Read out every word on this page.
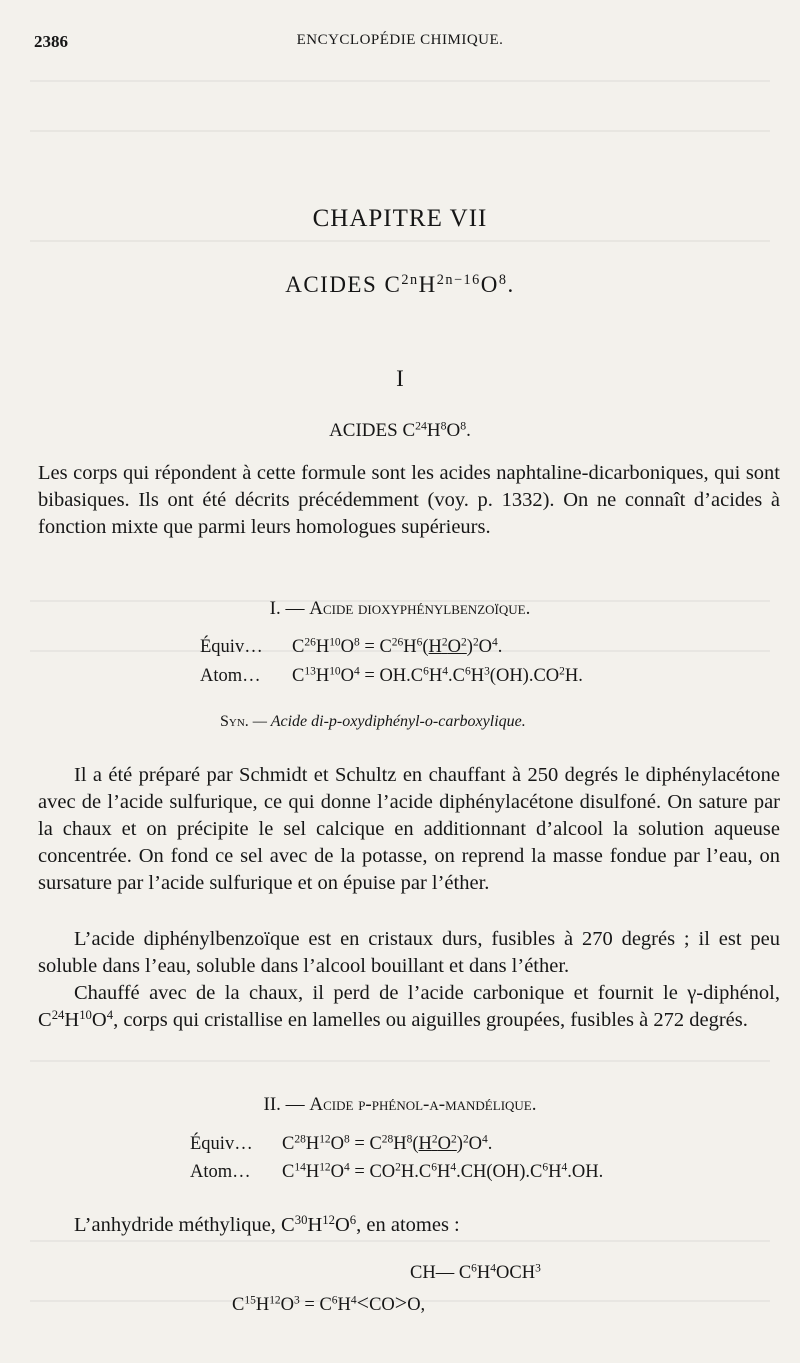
2386	ENCYCLOPÉDIE CHIMIQUE.
CHAPITRE VII
ACIDES $C^{2n}H^{2n-16}O^8$.
I
ACIDES $C^{24}H^8O^8$.
Les corps qui répondent à cette formule sont les acides naphtaline-dicarboniques, qui sont bibasiques. Ils ont été décrits précédemment (voy. p. 1332). On ne connaît d’acides à fonction mixte que parmi leurs homologues supérieurs.
I. — Acide dioxyphénylbenzoïque.
Équiv… $C^{26}H^{10}O^8 = C^{26}H^6(H^2O^2)^2O^4$.
Atom… $C^{13}H^{10}O^4 = OH.C^6H^4.C^6H^3(OH).CO^2H$.
Syn. — Acide di-p-oxydiphényl-o-carboxylique.
Il a été préparé par Schmidt et Schultz en chauffant à 250 degrés le diphénylacétone avec de l’acide sulfurique, ce qui donne l’acide diphénylacétone disulfoné. On sature par la chaux et on précipite le sel calcique en additionnant d’alcool la solution aqueuse concentrée. On fond ce sel avec de la potasse, on reprend la masse fondue par l’eau, on sursature par l’acide sulfurique et on épuise par l’éther.
L’acide diphénylbenzoïque est en cristaux durs, fusibles à 270 degrés ; il est peu soluble dans l’eau, soluble dans l’alcool bouillant et dans l’éther.
Chauffé avec de la chaux, il perd de l’acide carbonique et fournit le γ-diphénol, $C^{24}H^{10}O^4$, corps qui cristallise en lamelles ou aiguilles groupées, fusibles à 272 degrés.
II. — Acide p-phénol-α-mandélique.
Équiv… $C^{28}H^{12}O^8 = C^{28}H^8(H^2O^2)^2O^4$.
Atom… $C^{14}H^{12}O^4 = CO^2H.C^6H^4.CH(OH).C^6H^4.OH$.
L’anhydride méthylique, $C^{30}H^{12}O^6$, en atomes :
CH— $C^6H^4OCH^3$
$C^{15}H^{12}O^3 = C^6H^4<CO>O$,
